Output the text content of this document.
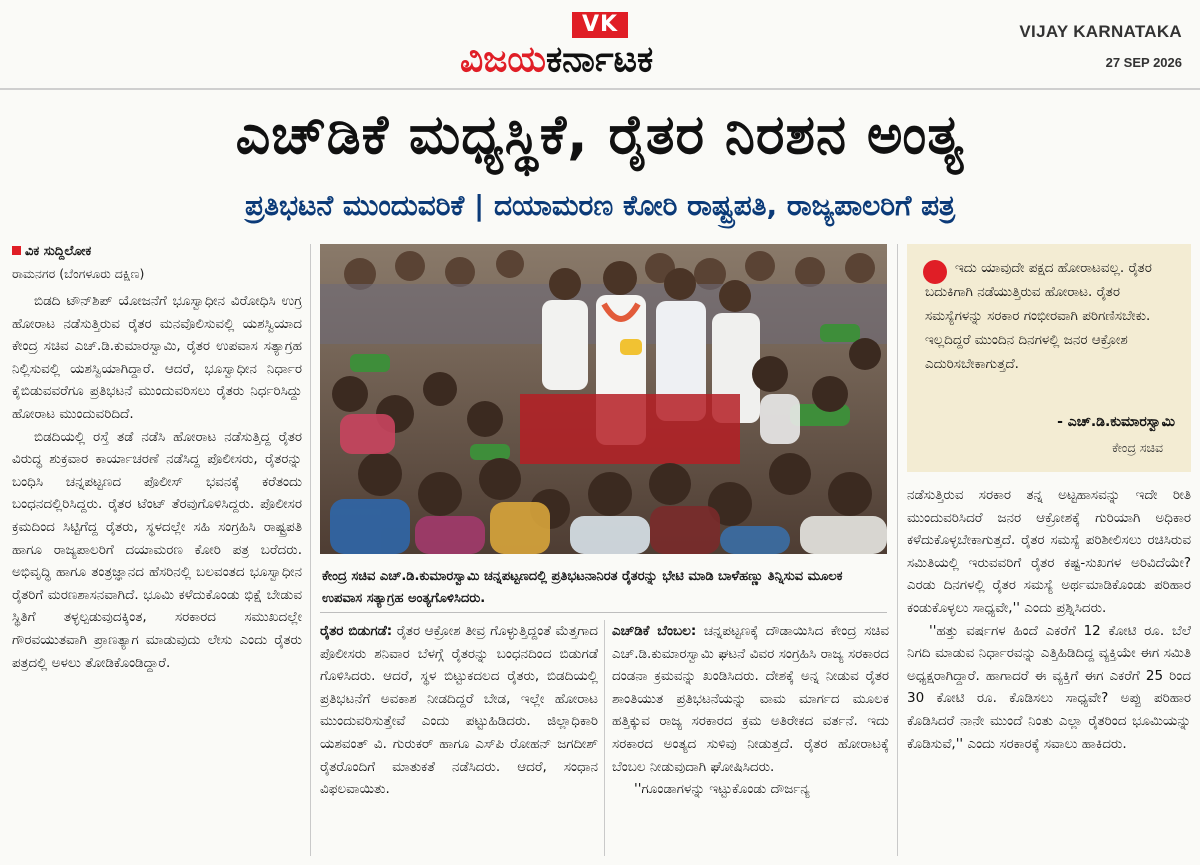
VK
ವಿಜಯಕರ್ನಾಟಕ
VIJAY KARNATAKA
27 SEP 2026
ಎಚ್‌ಡಿಕೆ ಮಧ್ಯಸ್ಥಿಕೆ, ರೈತರ ನಿರಶನ ಅಂತ್ಯ
ಪ್ರತಿಭಟನೆ ಮುಂದುವರಿಕೆ | ದಯಾಮರಣ ಕೋರಿ ರಾಷ್ಟ್ರಪತಿ, ರಾಜ್ಯಪಾಲರಿಗೆ ಪತ್ರ
ವಿಕ ಸುದ್ದಿಲೋಕ
ರಾಮನಗರ (ಬೆಂಗಳೂರು ದಕ್ಷಿಣ)

ಬಿಡದಿ ಟೌನ್‌ಶಿಪ್ ಯೋಜನೆಗೆ ಭೂಸ್ವಾಧೀನ ವಿರೋಧಿಸಿ ಉಗ್ರ ಹೋರಾಟ ನಡೆಸುತ್ತಿರುವ ರೈತರ ಮನವೊಲಿಸುವಲ್ಲಿ ಯಶಸ್ವಿಯಾದ ಕೇಂದ್ರ ಸಚಿವ ಎಚ್.ಡಿ.ಕುಮಾರಸ್ವಾಮಿ, ರೈತರ ಉಪವಾಸ ಸತ್ಯಾಗ್ರಹ ನಿಲ್ಲಿಸುವಲ್ಲಿ ಯಶಸ್ವಿಯಾಗಿದ್ದಾರೆ. ಆದರೆ, ಭೂಸ್ವಾಧೀನ ನಿರ್ಧಾರ ಕೈಬಿಡುವವರೆಗೂ ಪ್ರತಿಭಟನೆ ಮುಂದುವರಿಸಲು ರೈತರು ನಿರ್ಧರಿಸಿದ್ದು ಹೋರಾಟ ಮುಂದುವರಿದಿದೆ.

ಬಿಡದಿಯಲ್ಲಿ ರಸ್ತೆ ತಡೆ ನಡೆಸಿ ಹೋರಾಟ ನಡೆಸುತ್ತಿದ್ದ ರೈತರ ವಿರುದ್ಧ ಶುಕ್ರವಾರ ಕಾರ್ಯಾಚರಣೆ ನಡೆಸಿದ್ದ ಪೊಲೀಸರು, ರೈತರನ್ನು ಬಂಧಿಸಿ ಚನ್ನಪಟ್ಟಣದ ಪೊಲೀಸ್ ಭವನಕ್ಕೆ ಕರೆತಂದು ಬಂಧನದಲ್ಲಿರಿಸಿದ್ದರು. ರೈತರ ಟೆಂಟ್ ತೆರವುಗೊಳಿಸಿದ್ದರು. ಪೊಲೀಸರ ಕ್ರಮದಿಂದ ಸಿಟ್ಟಿಗೆದ್ದ ರೈತರು, ಸ್ಥಳದಲ್ಲೇ ಸಹಿ ಸಂಗ್ರಹಿಸಿ ರಾಷ್ಟ್ರಪತಿ ಹಾಗೂ ರಾಜ್ಯಪಾಲರಿಗೆ ದಯಾಮರಣ ಕೋರಿ ಪತ್ರ ಬರೆದರು. ಅಭಿವೃದ್ಧಿ ಹಾಗೂ ತಂತ್ರಜ್ಞಾನದ ಹೆಸರಿನಲ್ಲಿ ಬಲವಂತದ ಭೂಸ್ವಾಧೀನ ರೈತರಿಗೆ ಮರಣಶಾಸನವಾಗಿದೆ. ಭೂಮಿ ಕಳೆದುಕೊಂಡು ಭಿಕ್ಷೆ ಬೇಡುವ ಸ್ಥಿತಿಗೆ ತಳ್ಳಲ್ಪಡುವುದಕ್ಕಿಂತ, ಸರಕಾರದ ಸಮುಖದಲ್ಲೇ ಗೌರವಯುತವಾಗಿ ಪ್ರಾಣತ್ಯಾಗ ಮಾಡುವುದು ಲೇಸು ಎಂದು ರೈತರು ಪತ್ರದಲ್ಲಿ ಅಳಲು ತೋಡಿಕೊಂಡಿದ್ದಾರೆ.

ಕೇಂದ್ರ ಸಚಿವ ಎಚ್.ಡಿ.ಕುಮಾರಸ್ವಾಮಿ ಚನ್ನಪಟ್ಟಣದಲ್ಲಿ ಪ್ರತಿಭಟನಾನಿರತ ರೈತರನ್ನು ಭೇಟಿ ಮಾಡಿ ಬಾಳೆಹಣ್ಣು ತಿನ್ನಿಸುವ ಮೂಲಕ ಉಪವಾಸ ಸತ್ಯಾಗ್ರಹ ಅಂತ್ಯಗೊಳಿಸಿದರು.

ರೈತರ ಬಿಡುಗಡೆ: ರೈತರ ಆಕ್ರೋಶ ತೀವ್ರ ಗೊಳ್ಳುತ್ತಿದ್ದಂತೆ ಮೆತ್ತಗಾದ ಪೊಲೀಸರು ಶನಿವಾರ ಬೆಳಗ್ಗೆ ರೈತರನ್ನು ಬಂಧನದಿಂದ ಬಿಡುಗಡೆ ಗೊಳಿಸಿದರು. ಆದರೆ, ಸ್ಥಳ ಬಿಟ್ಟುಕದಲದ ರೈತರು, ಬಿಡದಿಯಲ್ಲಿ ಪ್ರತಿಭಟನೆಗೆ ಅವಕಾಶ ನೀಡದಿದ್ದರೆ ಬೇಡ, ಇಲ್ಲೇ ಹೋರಾಟ ಮುಂದುವರಿಸುತ್ತೇವೆ ಎಂದು ಪಟ್ಟುಹಿಡಿದರು. ಜಿಲ್ಲಾಧಿಕಾರಿ ಯಶವಂತ್ ವಿ. ಗುರುಕರ್ ಹಾಗೂ ಎಸ್‌ಪಿ ರೋಹನ್ ಜಗದೀಶ್ ರೈತರೊಂದಿಗೆ ಮಾತುಕತೆ ನಡೆಸಿದರು. ಆದರೆ, ಸಂಧಾನ ವಿಫಲವಾಯಿತು.

ಎಚ್‌ಡಿಕೆ ಬೆಂಬಲ: ಚನ್ನಪಟ್ಟಣಕ್ಕೆ ದೌಡಾಯಿಸಿದ ಕೇಂದ್ರ ಸಚಿವ ಎಚ್.ಡಿ.ಕುಮಾರಸ್ವಾಮಿ ಘಟನೆ ವಿವರ ಸಂಗ್ರಹಿಸಿ ರಾಜ್ಯ ಸರಕಾರದ ದಂಡನಾ ಕ್ರಮವನ್ನು ಖಂಡಿಸಿದರು. ದೇಶಕ್ಕೆ ಅನ್ನ ನೀಡುವ ರೈತರ ಶಾಂತಿಯುತ ಪ್ರತಿಭಟನೆಯನ್ನು ವಾಮ ಮಾರ್ಗದ ಮೂಲಕ ಹತ್ತಿಕ್ಕುವ ರಾಜ್ಯ ಸರಕಾರದ ಕ್ರಮ ಅತಿರೇಕದ ವರ್ತನೆ. ಇದು ಸರಕಾರದ ಅಂತ್ಯದ ಸುಳಿವು ನೀಡುತ್ತದೆ. ರೈತರ ಹೋರಾಟಕ್ಕೆ ಬೆಂಬಲ ನೀಡುವುದಾಗಿ ಘೋಷಿಸಿದರು.

''ಗೂಂಡಾಗಳನ್ನು ಇಟ್ಟುಕೊಂಡು ದೌರ್ಜನ್ಯ

ಇದು ಯಾವುದೇ ಪಕ್ಷದ ಹೋರಾಟವಲ್ಲ. ರೈತರ ಬದುಕಿಗಾಗಿ ನಡೆಯುತ್ತಿರುವ ಹೋರಾಟ. ರೈತರ ಸಮಸ್ಯೆಗಳನ್ನು ಸರಕಾರ ಗಂಭೀರವಾಗಿ ಪರಿಗಣಿಸಬೇಕು. ಇಲ್ಲದಿದ್ದರೆ ಮುಂದಿನ ದಿನಗಳಲ್ಲಿ ಜನರ ಆಕ್ರೋಶ ಎದುರಿಸಬೇಕಾಗುತ್ತದೆ.
- ಎಚ್.ಡಿ.ಕುಮಾರಸ್ವಾಮಿ
ಕೇಂದ್ರ ಸಚಿವ

ನಡೆಸುತ್ತಿರುವ ಸರಕಾರ ತನ್ನ ಅಟ್ಟಹಾಸವನ್ನು ಇದೇ ರೀತಿ ಮುಂದುವರಿಸಿದರೆ ಜನರ ಆಕ್ರೋಶಕ್ಕೆ ಗುರಿಯಾಗಿ ಅಧಿಕಾರ ಕಳೆದುಕೊಳ್ಳಬೇಕಾಗುತ್ತದೆ. ರೈತರ ಸಮಸ್ಯೆ ಪರಿಶೀಲಿಸಲು ರಚಿಸಿರುವ ಸಮಿತಿಯಲ್ಲಿ ಇರುವವರಿಗೆ ರೈತರ ಕಷ್ಟ-ಸುಖಗಳ ಅರಿವಿದೆಯೇ? ಎರಡು ದಿನಗಳಲ್ಲಿ ರೈತರ ಸಮಸ್ಯೆ ಅರ್ಥಮಾಡಿಕೊಂಡು ಪರಿಹಾರ ಕಂಡುಕೊಳ್ಳಲು ಸಾಧ್ಯವೇ,'' ಎಂದು ಪ್ರಶ್ನಿಸಿದರು.

''ಹತ್ತು ವರ್ಷಗಳ ಹಿಂದೆ ಎಕರೆಗೆ 12 ಕೋಟಿ ರೂ. ಬೆಲೆ ನಿಗದಿ ಮಾಡುವ ನಿರ್ಧಾರವನ್ನು ಎತ್ತಿಹಿಡಿದಿದ್ದ ವ್ಯಕ್ತಿಯೇ ಈಗ ಸಮಿತಿ ಅಧ್ಯಕ್ಷರಾಗಿದ್ದಾರೆ. ಹಾಗಾದರೆ ಈ ವ್ಯಕ್ತಿಗೆ ಈಗ ಎಕರೆಗೆ 25 ರಿಂದ 30 ಕೋಟಿ ರೂ. ಕೊಡಿಸಲು ಸಾಧ್ಯವೇ? ಅಪ್ಪು ಪರಿಹಾರ ಕೊಡಿಸಿದರೆ ನಾನೇ ಮುಂದೆ ನಿಂತು ಎಲ್ಲಾ ರೈತರಿಂದ ಭೂಮಿಯನ್ನು ಕೊಡಿಸುವೆ,'' ಎಂದು ಸರಕಾರಕ್ಕೆ ಸವಾಲು ಹಾಕಿದರು.
